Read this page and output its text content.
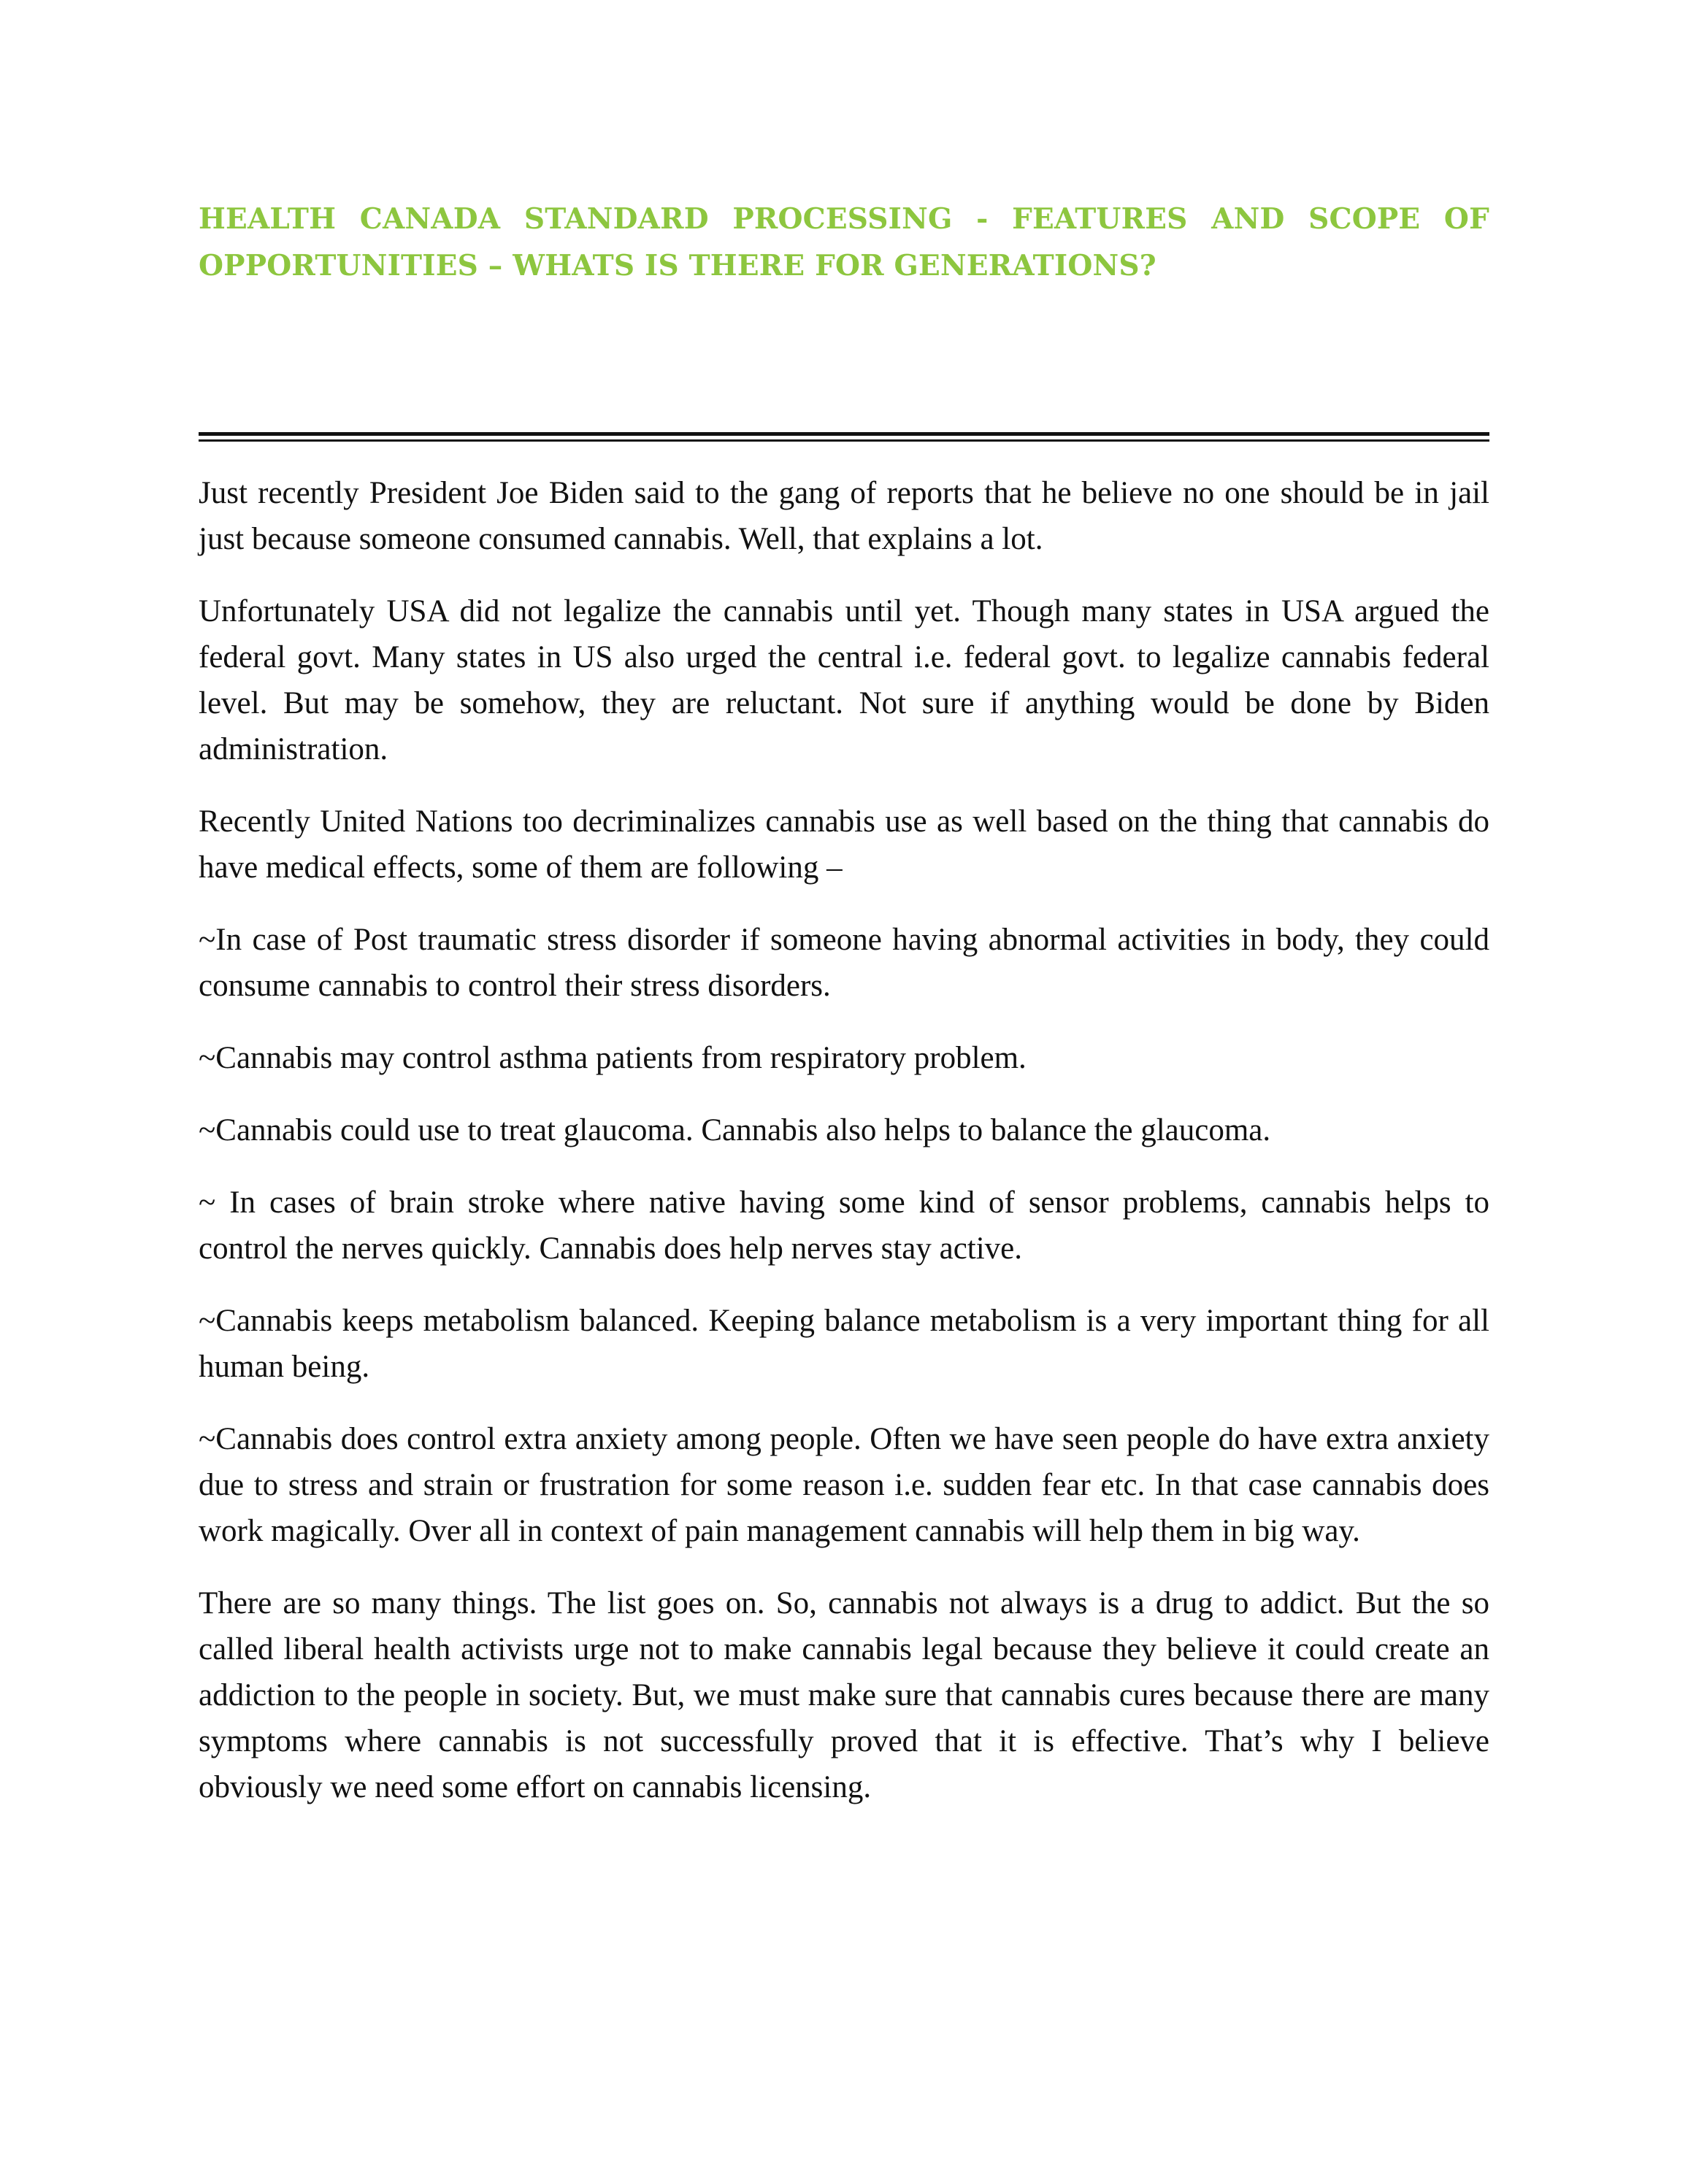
HEALTH CANADA STANDARD PROCESSING - FEATURES AND SCOPE OF OPPORTUNITIES – WHATS IS THERE FOR GENERATIONS?

Just recently President Joe Biden said to the gang of reports that he believe no one should be in jail just because someone consumed cannabis. Well, that explains a lot.

Unfortunately USA did not legalize the cannabis until yet. Though many states in USA argued the federal govt. Many states in US also urged the central i.e. federal govt. to legalize cannabis federal level. But may be somehow, they are reluctant. Not sure if anything would be done by Biden administration.

Recently United Nations too decriminalizes cannabis use as well based on the thing that cannabis do have medical effects, some of them are following –

~In case of Post traumatic stress disorder if someone having abnormal activities in body, they could consume cannabis to control their stress disorders.

~Cannabis may control asthma patients from respiratory problem.

~Cannabis could use to treat glaucoma. Cannabis also helps to balance the glaucoma.

~ In cases of brain stroke where native having some kind of sensor problems, cannabis helps to control the nerves quickly. Cannabis does help nerves stay active.

~Cannabis keeps metabolism balanced. Keeping balance metabolism is a very important thing for all human being.

~Cannabis does control extra anxiety among people. Often we have seen people do have extra anxiety due to stress and strain or frustration for some reason i.e. sudden fear etc. In that case cannabis does work magically. Over all in context of pain management cannabis will help them in big way.

There are so many things. The list goes on. So, cannabis not always is a drug to addict. But the so called liberal health activists urge not to make cannabis legal because they believe it could create an addiction to the people in society. But, we must make sure that cannabis cures because there are many symptoms where cannabis is not successfully proved that it is effective. That’s why I believe obviously we need some effort on cannabis licensing.
